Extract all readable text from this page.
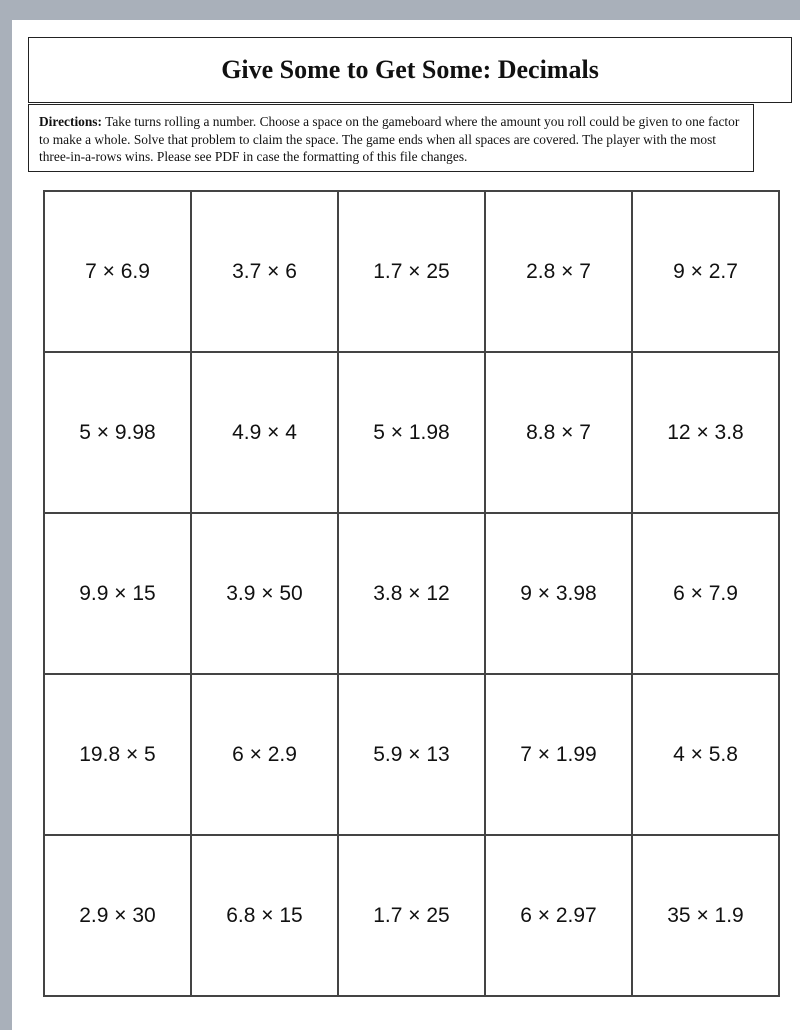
Give Some to Get Some: Decimals
Directions: Take turns rolling a number. Choose a space on the gameboard where the amount you roll could be given to one factor to make a whole. Solve that problem to claim the space. The game ends when all spaces are covered. The player with the most three-in-a-rows wins. Please see PDF in case the formatting of this file changes.
7 × 6.9	3.7 × 6	1.7 × 25	2.8 × 7	9 × 2.7
5 × 9.98	4.9 × 4	5 × 1.98	8.8 × 7	12 × 3.8
9.9 × 15	3.9 × 50	3.8 × 12	9 × 3.98	6 × 7.9
19.8 × 5	6 × 2.9	5.9 × 13	7 × 1.99	4 × 5.8
2.9 × 30	6.8 × 15	1.7 × 25	6 × 2.97	35 × 1.9
